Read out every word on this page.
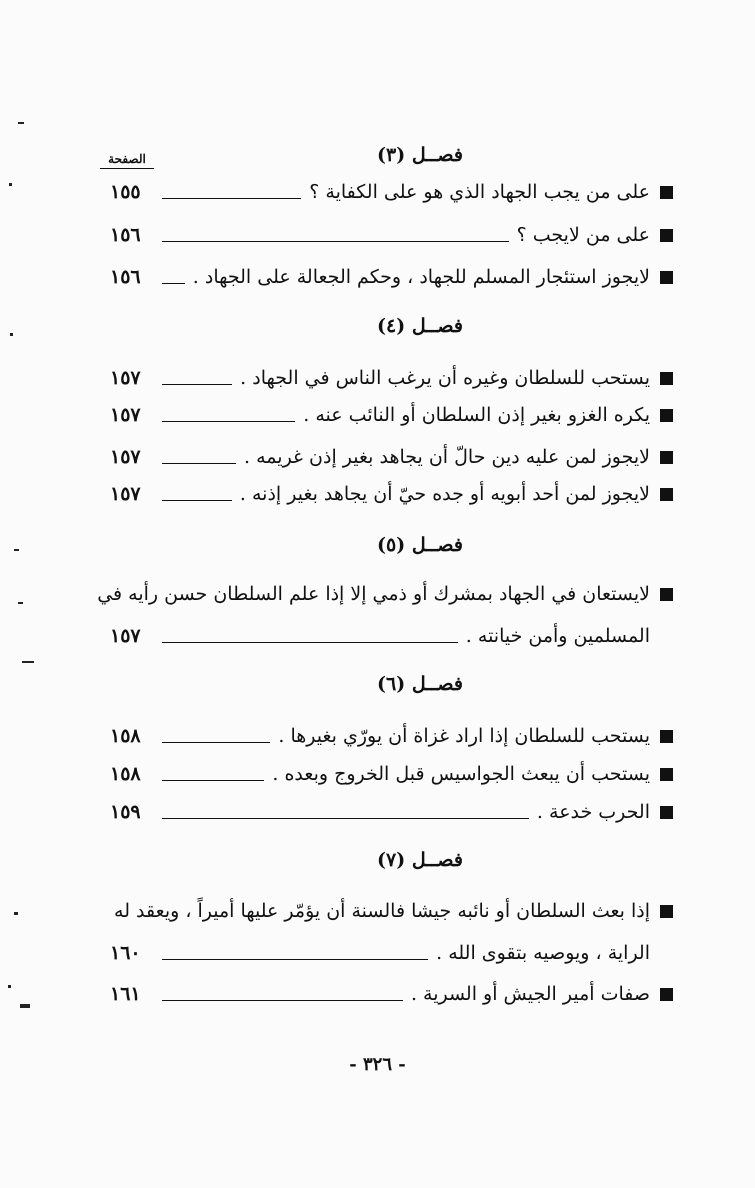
الصفحة	فصــل (٣)
على من يجب الجهاد الذي هو على الكفاية ؟
١٥٥
على من لايجب ؟
١٥٦
لايجوز استئجار المسلم للجهاد ، وحكم الجعالة على الجهاد .
١٥٦
فصــل (٤)
يستحب للسلطان وغيره أن يرغب الناس في الجهاد .
١٥٧
يكره الغزو بغير إذن السلطان أو النائب عنه .
١٥٧
لايجوز لمن عليه دين حالّ أن يجاهد بغير إذن غريمه .
١٥٧
لايجوز لمن أحد أبويه أو جده حيّ أن يجاهد بغير إذنه .
١٥٧
فصــل (٥)
لايستعان في الجهاد بمشرك أو ذمي إلا إذا علم السلطان حسن رأيه في
المسلمين وأمن خيانته .
١٥٧
فصــل (٦)
يستحب للسلطان إذا اراد غزاة أن يورّي بغيرها .
١٥٨
يستحب أن يبعث الجواسيس قبل الخروج وبعده .
١٥٨
الحرب خدعة .
١٥٩
فصــل (٧)
إذا بعث السلطان أو نائبه جيشا فالسنة أن يؤمّر عليها أميراً ، ويعقد له
الراية ، ويوصيه بتقوى الله .
١٦٠
صفات أمير الجيش أو السرية .
١٦١
- ٣٢٦ -
